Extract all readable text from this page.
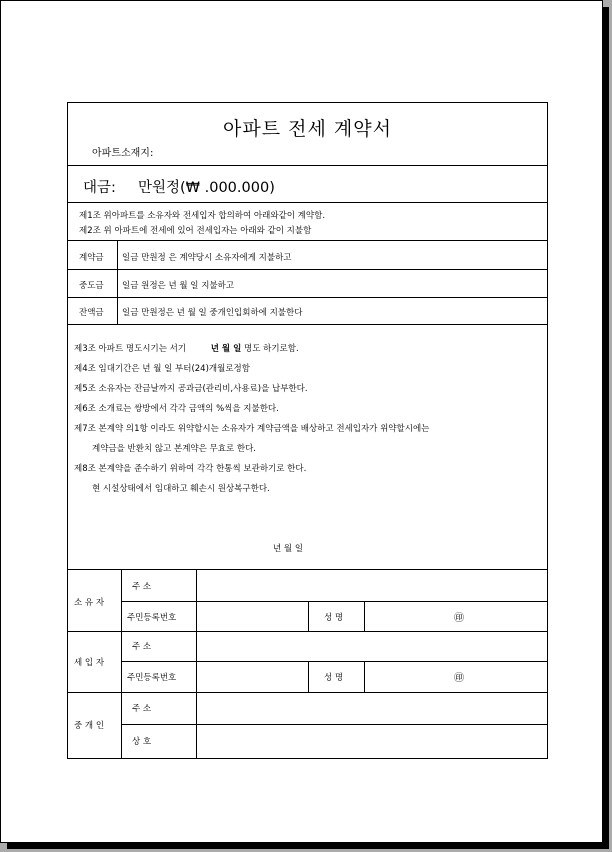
아파트 전세 계약서
아파트소재지:
대금: 만원정(₩ .000.000)
제1조 위아파트를 소유자와 전세입자 합의하여 아래와같이 계약함.
제2조 위 아파트에 전세에 있어 전세입자는 아래와 같이 지불함
계약금 일금 만원정 은 계약당시 소유자에게 지불하고
중도금 일금 원정은 년 월 일 지불하고
잔액금 일금 만원정은 년 월 일 중개인입회하에 지불한다
제3조 아파트 명도시기는 서기	년 월 일 명도 하기로함.
제4조 임대기간은 년 월 일 부터(24)개월로정함
제5조 소유자는 잔금날까지 공과금(관리비,사용료)을 납부한다.
제6조 소개료는 쌍방에서 각각 금액의 %씩을 지불한다.
제7조 본계약 의1항 이라도 위약할시는 소유자가 계약금액을 배상하고 전세입자가 위약할시에는
계약금을 반환치 않고 본계약은 무효로 한다.
제8조 본계약을 준수하기 위하여 각각 한통씩 보관하기로 한다.
현 시설상태에서 임대하고 훼손시 원상복구한다.
년 월 일
소 유 자
주 소
주민등록번호	성 명	㊞
세 입 자
주 소
주민등록번호	성 명	㊞
중 개 인
주 소
상 호
